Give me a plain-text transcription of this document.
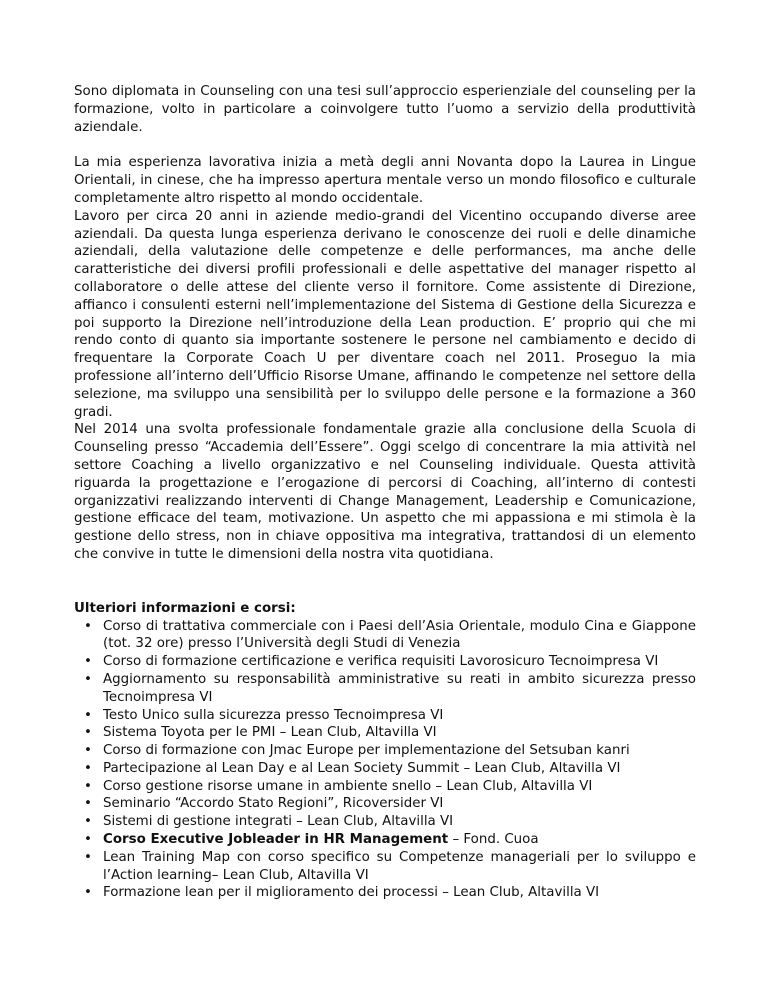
Sono diplomata in Counseling con una tesi sull’approccio esperienziale del counseling per la formazione, volto in particolare a coinvolgere tutto l’uomo a servizio della produttività aziendale.

La mia esperienza lavorativa inizia a metà degli anni Novanta dopo la Laurea in Lingue Orientali, in cinese, che ha impresso apertura mentale verso un mondo filosofico e culturale completamente altro rispetto al mondo occidentale.

Lavoro per circa 20 anni in aziende medio-grandi del Vicentino occupando diverse aree aziendali. Da questa lunga esperienza derivano le conoscenze dei ruoli e delle dinamiche aziendali, della valutazione delle competenze e delle performances, ma anche delle caratteristiche dei diversi profili professionali e delle aspettative del manager rispetto al collaboratore o delle attese del cliente verso il fornitore. Come assistente di Direzione, affianco i consulenti esterni nell’implementazione del Sistema di Gestione della Sicurezza e poi supporto la Direzione nell’introduzione della Lean production. E’ proprio qui che mi rendo conto di quanto sia importante sostenere le persone nel cambiamento e decido di frequentare la Corporate Coach U per diventare coach nel 2011. Proseguo la mia professione all’interno dell’Ufficio Risorse Umane, affinando le competenze nel settore della selezione, ma sviluppo una sensibilità per lo sviluppo delle persone e la formazione a 360 gradi.

Nel 2014 una svolta professionale fondamentale grazie alla conclusione della Scuola di Counseling presso “Accademia dell’Essere”. Oggi scelgo di concentrare la mia attività nel settore Coaching a livello organizzativo e nel Counseling individuale. Questa attività riguarda la progettazione e l’erogazione di percorsi di Coaching, all’interno di contesti organizzativi realizzando interventi di Change Management, Leadership e Comunicazione, gestione efficace del team, motivazione. Un aspetto che mi appassiona e mi stimola è la gestione dello stress, non in chiave oppositiva ma integrativa, trattandosi di un elemento che convive in tutte le dimensioni della nostra vita quotidiana.

Ulteriori informazioni e corsi:

• Corso di trattativa commerciale con i Paesi dell’Asia Orientale, modulo Cina e Giappone (tot. 32 ore) presso l’Università degli Studi di Venezia
• Corso di formazione certificazione e verifica requisiti Lavorosicuro Tecnoimpresa VI
• Aggiornamento su responsabilità amministrative su reati in ambito sicurezza presso Tecnoimpresa VI
• Testo Unico sulla sicurezza presso Tecnoimpresa VI
• Sistema Toyota per le PMI – Lean Club, Altavilla VI
• Corso di formazione con Jmac Europe per implementazione del Setsuban kanri
• Partecipazione al Lean Day e al Lean Society Summit – Lean Club, Altavilla VI
• Corso gestione risorse umane in ambiente snello – Lean Club, Altavilla VI
• Seminario “Accordo Stato Regioni”, Ricoversider VI
• Sistemi di gestione integrati – Lean Club, Altavilla VI
• Corso Executive Jobleader in HR Management – Fond. Cuoa
• Lean Training Map con corso specifico su Competenze manageriali per lo sviluppo e l’Action learning– Lean Club, Altavilla VI
• Formazione lean per il miglioramento dei processi – Lean Club, Altavilla VI
